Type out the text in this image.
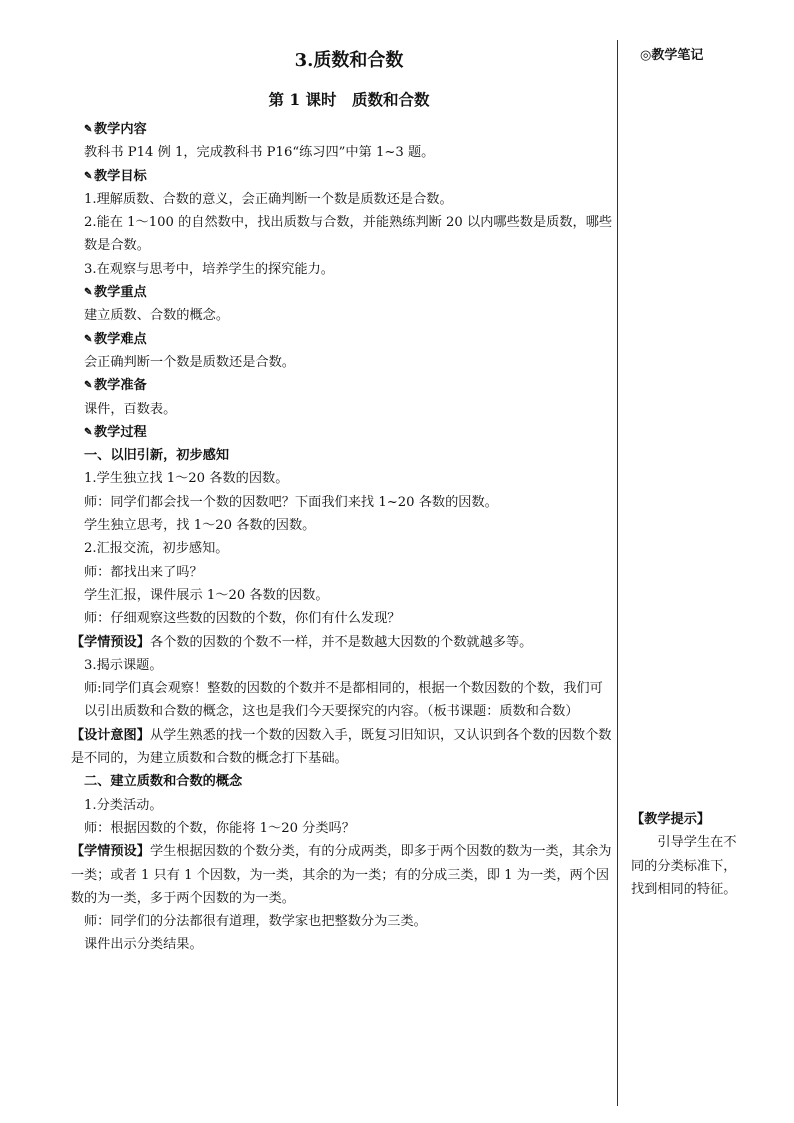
◎教学笔记
3.质数和合数
第 1 课时　质数和合数

✎ 教学内容

教科书 P14 例 1，完成教科书 P16“练习四”中第 1~3 题。

✎ 教学目标

1.理解质数、合数的意义，会正确判断一个数是质数还是合数。

2.能在 1～100 的自然数中，找出质数与合数，并能熟练判断 20 以内哪些数是质数，哪些数是合数。

3.在观察与思考中，培养学生的探究能力。

✎ 教学重点

建立质数、合数的概念。

✎ 教学难点

会正确判断一个数是质数还是合数。

✎ 教学准备

课件，百数表。

✎ 教学过程

一、以旧引新，初步感知

1.学生独立找 1～20 各数的因数。

师：同学们都会找一个数的因数吧？下面我们来找 1~20 各数的因数。

学生独立思考，找 1～20 各数的因数。

2.汇报交流，初步感知。

师：都找出来了吗？

学生汇报，课件展示 1～20 各数的因数。

师：仔细观察这些数的因数的个数，你们有什么发现？

【学情预设】各个数的因数的个数不一样，并不是数越大因数的个数就越多等。

3.揭示课题。

师:同学们真会观察！整数的因数的个数并不是都相同的，根据一个数因数的个数，我们可以引出质数和合数的概念，这也是我们今天要探究的内容。（板书课题：质数和合数）

【设计意图】从学生熟悉的找一个数的因数入手，既复习旧知识，又认识到各个数的因数个数是不同的，为建立质数和合数的概念打下基础。

二、建立质数和合数的概念

1.分类活动。

师：根据因数的个数，你能将 1～20 分类吗？

【学情预设】学生根据因数的个数分类，有的分成两类，即多于两个因数的数为一类，其余为一类；或者 1 只有 1 个因数，为一类，其余的为一类；有的分成三类，即 1 为一类，两个因数的为一类，多于两个因数的为一类。

师：同学们的分法都很有道理，数学家也把整数分为三类。

课件出示分类结果。

【教学提示】
引导学生在不同的分类标准下，找到相同的特征。
